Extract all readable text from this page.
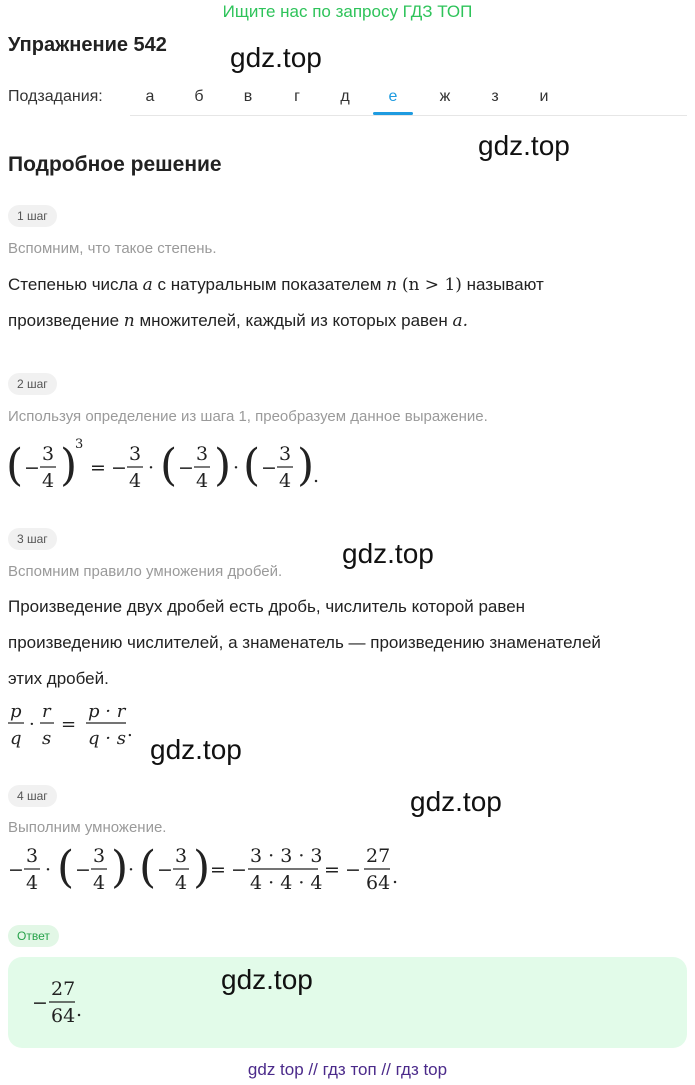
Ищите нас по запросу ГДЗ ТОП
Упражнение 542 gdz.top
Подзадания:	а	б	в	г	д	е	ж	з	и
Подробное решение
gdz.top
1 шаг
Вспомним, что такое степень.
Степенью числа a с натуральным показателем n (n > 1) называют
произведение n множителей, каждый из которых равен a.
2 шаг
Используя определение из шага 1, преобразуем данное выражение.
( −
3
4 )
3
= −
3
4
· ( −
3
4 ) · ( −
3
4 )
.
3 шаг	gdz.top
Вспомним правило умножения дробей.
Произведение двух дробей есть дробь, числитель которой равен
произведению числителей, а знаменатель — произведению знаменателей
этих дробей.
p
q
·
r
s
=
p · r
q · s .
gdz.top
4 шаг	gdz.top
Выполним умножение.
−
3
4
· ( −
3
4 ) · ( −
3
4 ) = −
3 · 3 · 3
4 · 4 · 4
= −
27
64 .
Ответ
−
27
64 .
gdz.top
gdz top // гдз топ // гдз top
